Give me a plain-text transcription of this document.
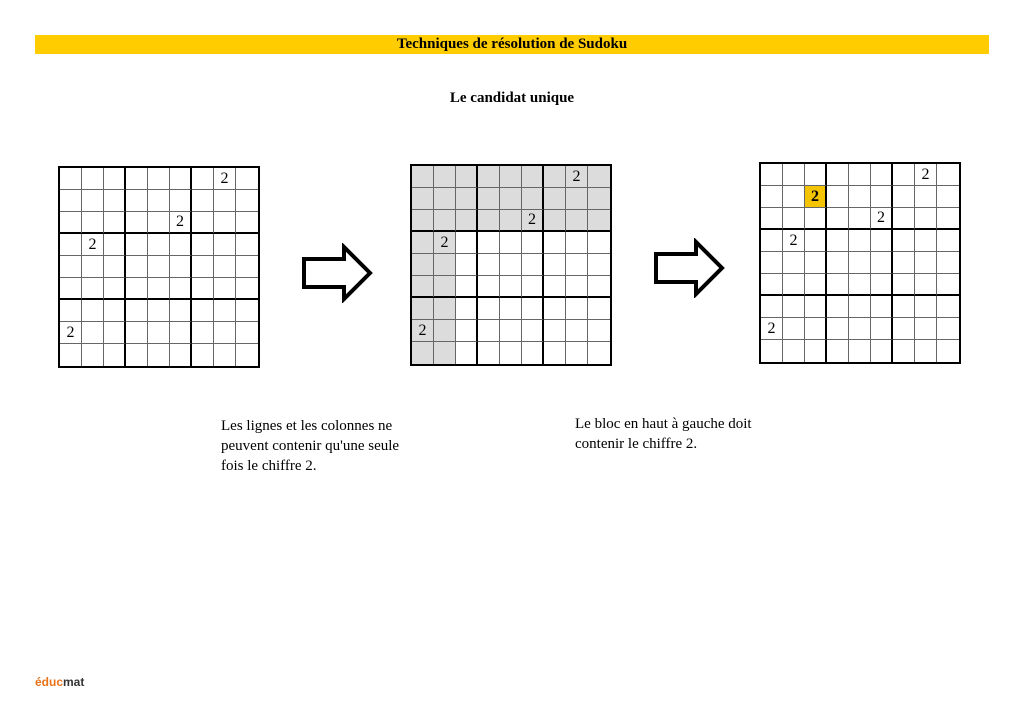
Techniques de résolution de Sudoku
Le candidat unique
2
2
2
2
2
2
2
2
2
2
2
2
2
Les lignes et les colonnes ne
peuvent contenir qu'une seule
fois le chiffre 2.
Le bloc en haut à gauche doit
contenir le chiffre 2.
éducmat
